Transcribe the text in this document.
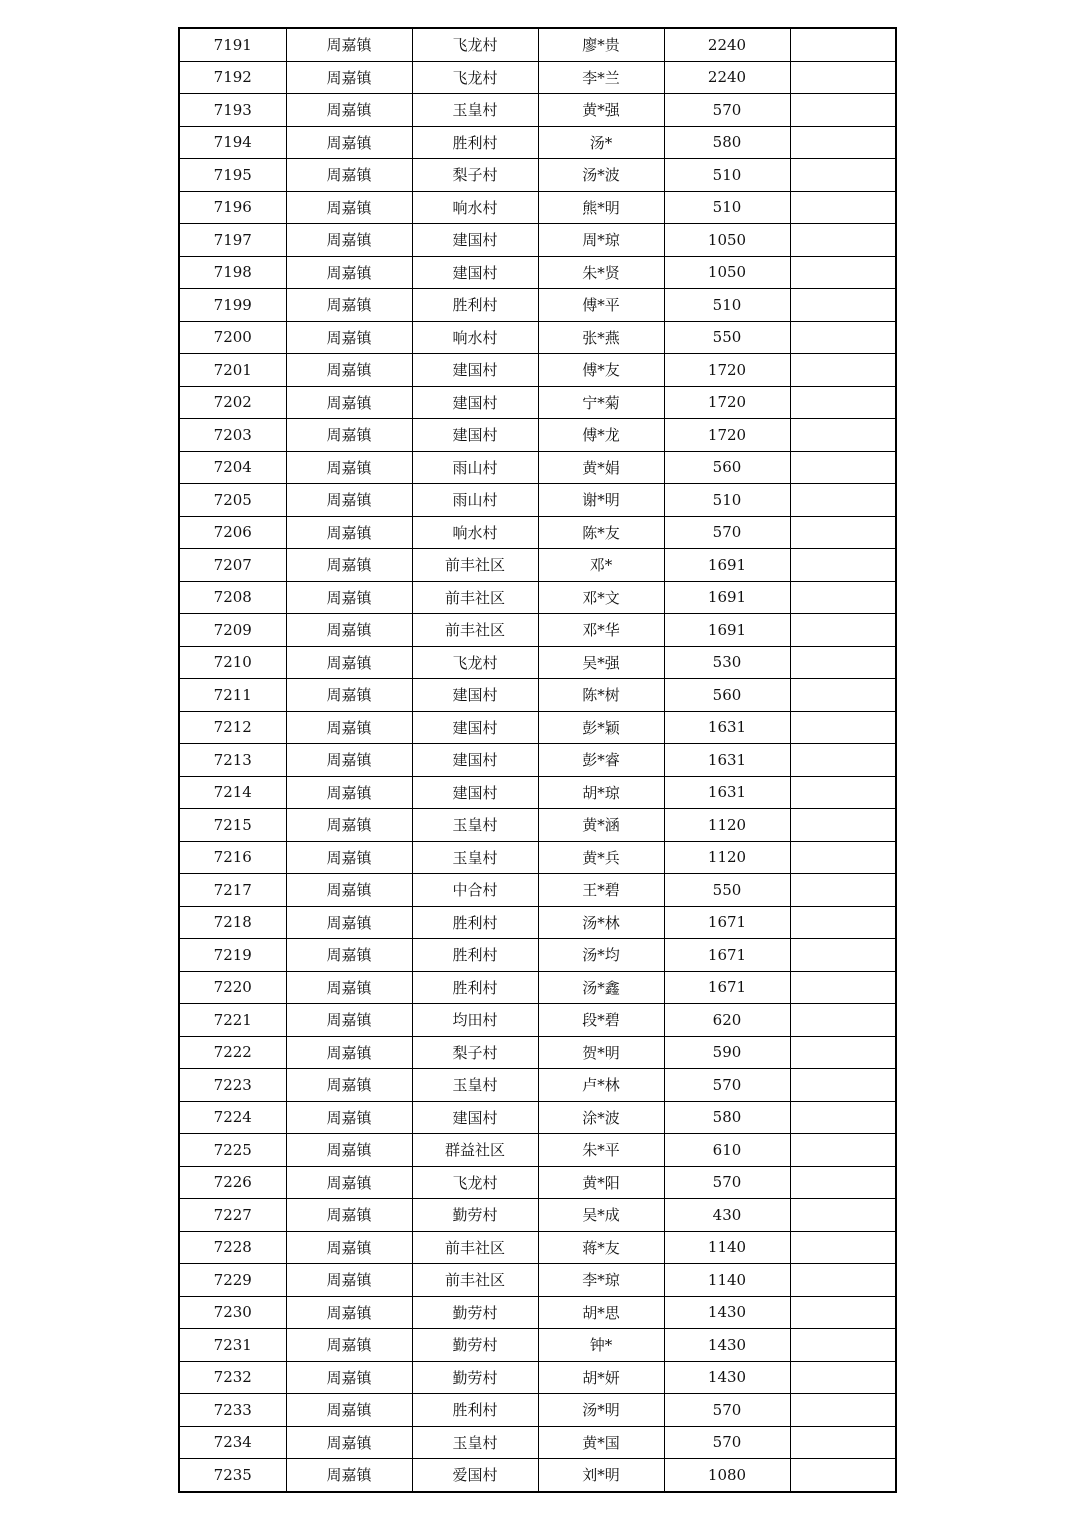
7191	周嘉镇	飞龙村	廖*贵	2240	
7192	周嘉镇	飞龙村	李*兰	2240	
7193	周嘉镇	玉皇村	黄*强	570	
7194	周嘉镇	胜利村	汤*	580	
7195	周嘉镇	梨子村	汤*波	510	
7196	周嘉镇	响水村	熊*明	510	
7197	周嘉镇	建国村	周*琼	1050	
7198	周嘉镇	建国村	朱*贤	1050	
7199	周嘉镇	胜利村	傅*平	510	
7200	周嘉镇	响水村	张*燕	550	
7201	周嘉镇	建国村	傅*友	1720	
7202	周嘉镇	建国村	宁*菊	1720	
7203	周嘉镇	建国村	傅*龙	1720	
7204	周嘉镇	雨山村	黄*娟	560	
7205	周嘉镇	雨山村	谢*明	510	
7206	周嘉镇	响水村	陈*友	570	
7207	周嘉镇	前丰社区	邓*	1691	
7208	周嘉镇	前丰社区	邓*文	1691	
7209	周嘉镇	前丰社区	邓*华	1691	
7210	周嘉镇	飞龙村	吴*强	530	
7211	周嘉镇	建国村	陈*树	560	
7212	周嘉镇	建国村	彭*颖	1631	
7213	周嘉镇	建国村	彭*睿	1631	
7214	周嘉镇	建国村	胡*琼	1631	
7215	周嘉镇	玉皇村	黄*涵	1120	
7216	周嘉镇	玉皇村	黄*兵	1120	
7217	周嘉镇	中合村	王*碧	550	
7218	周嘉镇	胜利村	汤*林	1671	
7219	周嘉镇	胜利村	汤*均	1671	
7220	周嘉镇	胜利村	汤*鑫	1671	
7221	周嘉镇	均田村	段*碧	620	
7222	周嘉镇	梨子村	贺*明	590	
7223	周嘉镇	玉皇村	卢*林	570	
7224	周嘉镇	建国村	涂*波	580	
7225	周嘉镇	群益社区	朱*平	610	
7226	周嘉镇	飞龙村	黄*阳	570	
7227	周嘉镇	勤劳村	吴*成	430	
7228	周嘉镇	前丰社区	蒋*友	1140	
7229	周嘉镇	前丰社区	李*琼	1140	
7230	周嘉镇	勤劳村	胡*思	1430	
7231	周嘉镇	勤劳村	钟*	1430	
7232	周嘉镇	勤劳村	胡*妍	1430	
7233	周嘉镇	胜利村	汤*明	570	
7234	周嘉镇	玉皇村	黄*国	570	
7235	周嘉镇	爱国村	刘*明	1080	
